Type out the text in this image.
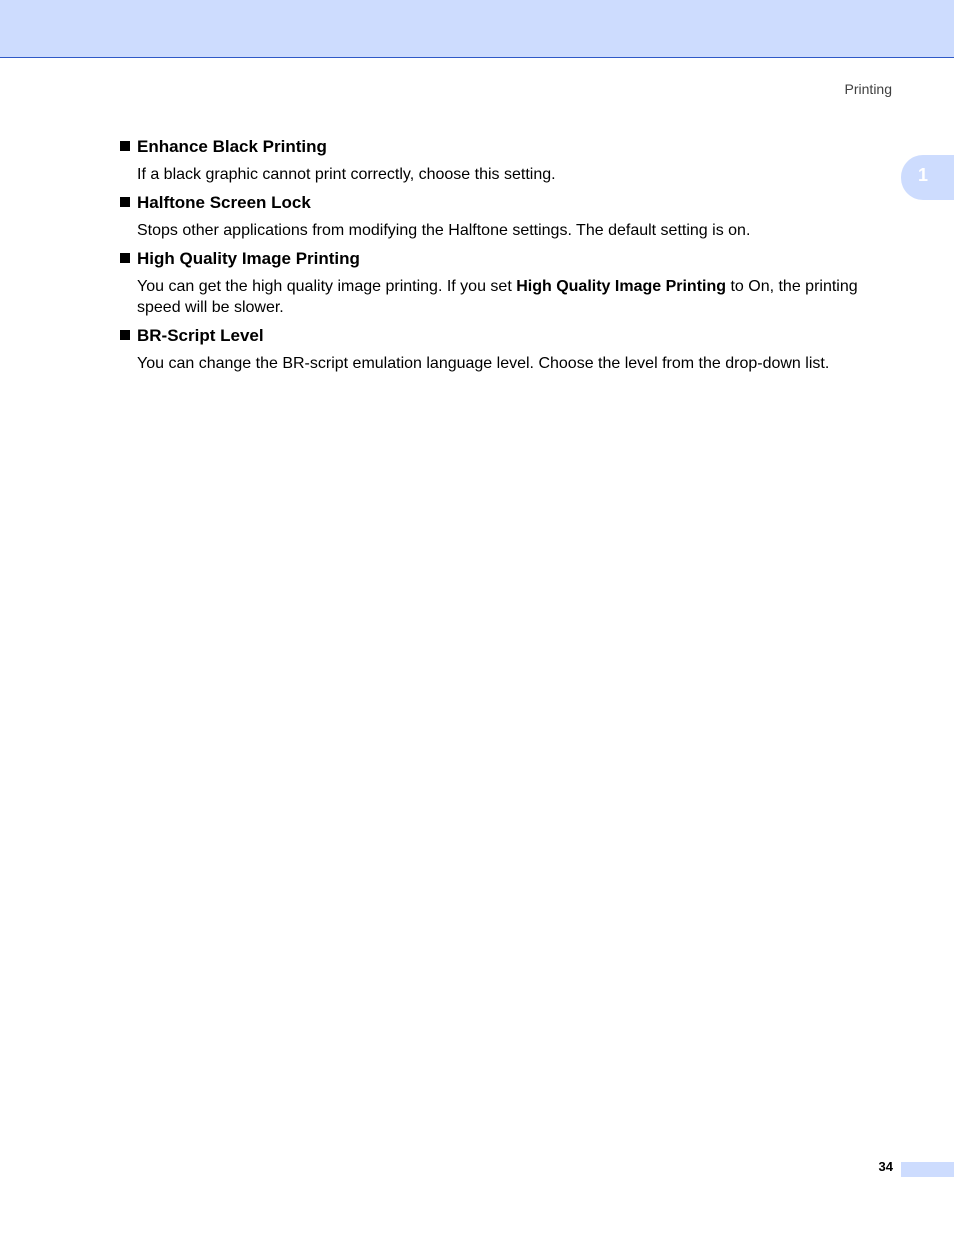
Printing
1
Enhance Black Printing
If a black graphic cannot print correctly, choose this setting.
Halftone Screen Lock
Stops other applications from modifying the Halftone settings. The default setting is on.
High Quality Image Printing
You can get the high quality image printing. If you set High Quality Image Printing to On, the printing speed will be slower.
BR-Script Level
You can change the BR-script emulation language level. Choose the level from the drop-down list.
34
